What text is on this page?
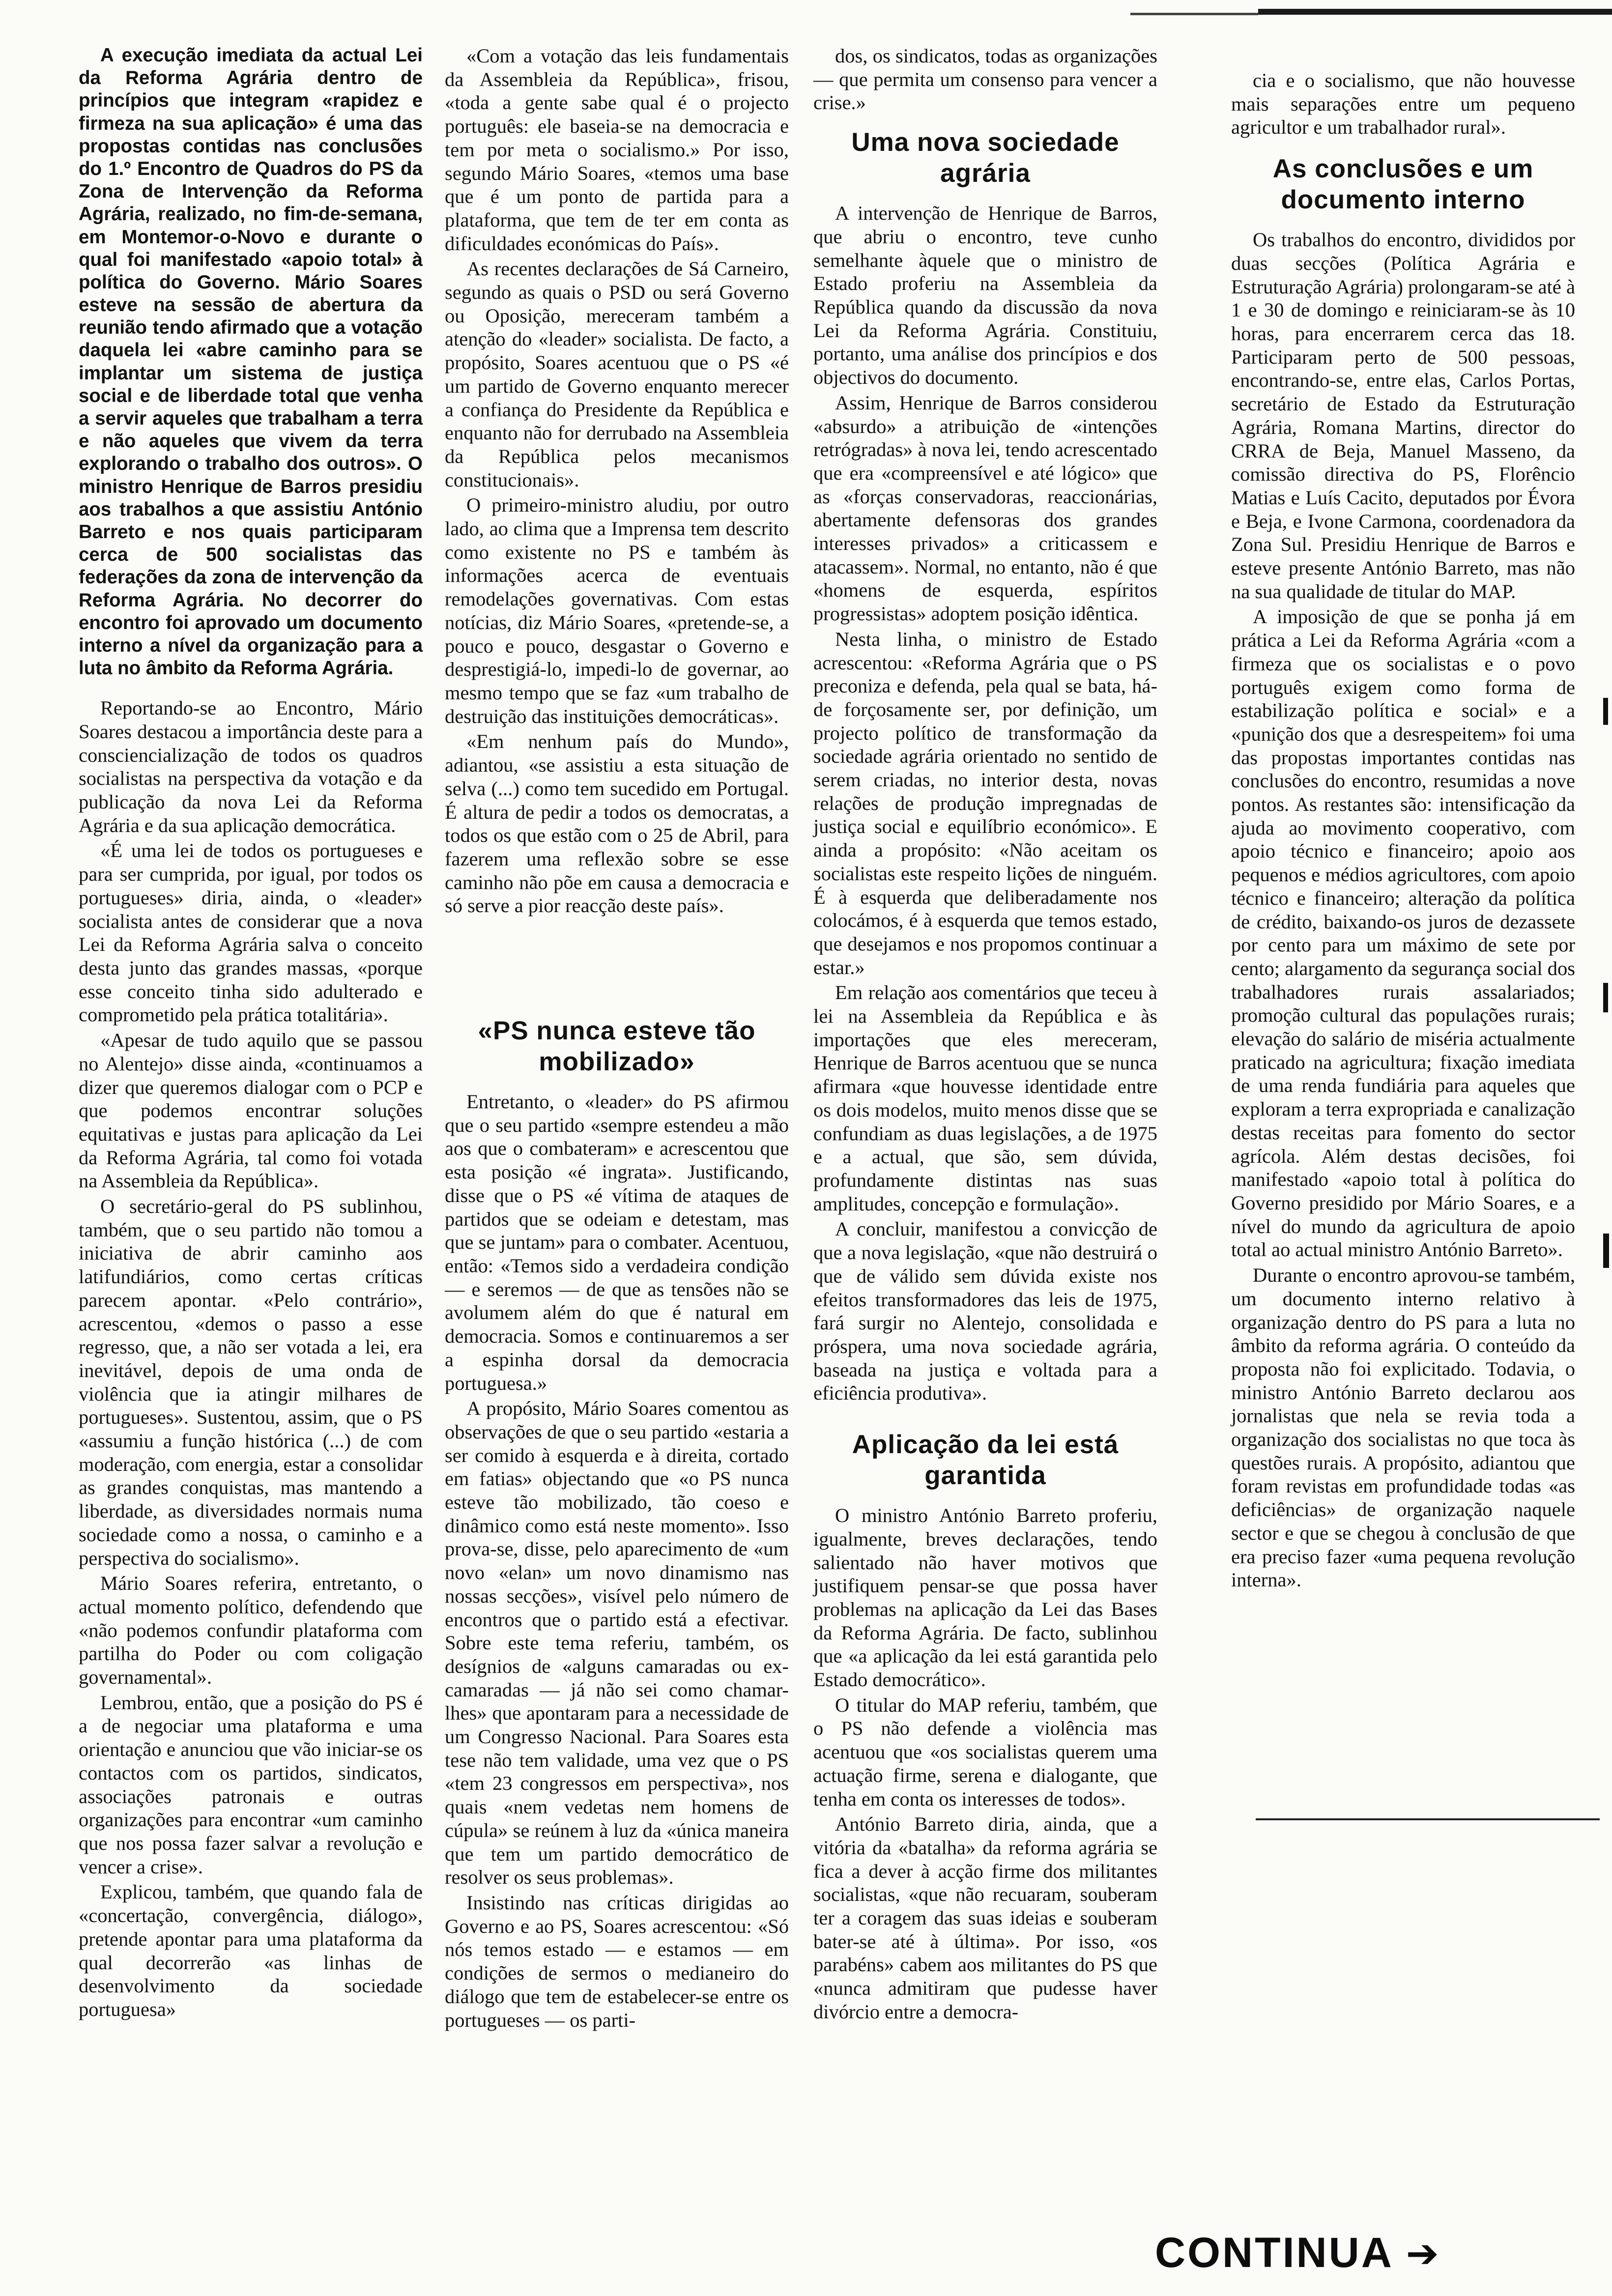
A execução imediata da actual Lei da Reforma Agrária dentro de princípios que integram «rapidez e firmeza na sua aplicação» é uma das propostas contidas nas conclusões do 1.º Encontro de Quadros do PS da Zona de Intervenção da Reforma Agrária, realizado, no fim-de-semana, em Montemor-o-Novo e durante o qual foi manifestado «apoio total» à política do Governo. Mário Soares esteve na sessão de abertura da reunião tendo afirmado que a votação daquela lei «abre caminho para se implantar um sistema de justiça social e de liberdade total que venha a servir aqueles que trabalham a terra e não aqueles que vivem da terra explorando o trabalho dos outros». O ministro Henrique de Barros presidiu aos trabalhos a que assistiu António Barreto e nos quais participaram cerca de 500 socialistas das federações da zona de intervenção da Reforma Agrária. No decorrer do encontro foi aprovado um documento interno a nível da organização para a luta no âmbito da Reforma Agrária.

Reportando-se ao Encontro, Mário Soares destacou a importância deste para a consciencialização de todos os quadros socialistas na perspectiva da votação e da publicação da nova Lei da Reforma Agrária e da sua aplicação democrática.

«É uma lei de todos os portugueses e para ser cumprida, por igual, por todos os portugueses» diria, ainda, o «leader» socialista antes de considerar que a nova Lei da Reforma Agrária salva o conceito desta junto das grandes massas, «porque esse conceito tinha sido adulterado e comprometido pela prática totalitária».

«Apesar de tudo aquilo que se passou no Alentejo» disse ainda, «continuamos a dizer que queremos dialogar com o PCP e que podemos encontrar soluções equitativas e justas para aplicação da Lei da Reforma Agrária, tal como foi votada na Assembleia da República».

O secretário-geral do PS sublinhou, também, que o seu partido não tomou a iniciativa de abrir caminho aos latifundiários, como certas críticas parecem apontar. «Pelo contrário», acrescentou, «demos o passo a esse regresso, que, a não ser votada a lei, era inevitável, depois de uma onda de violência que ia atingir milhares de portugueses». Sustentou, assim, que o PS «assumiu a função histórica (...) de com moderação, com energia, estar a consolidar as grandes conquistas, mas mantendo a liberdade, as diversidades normais numa sociedade como a nossa, o caminho e a perspectiva do socialismo».

Mário Soares referira, entretanto, o actual momento político, defendendo que «não podemos confundir plataforma com partilha do Poder ou com coligação governamental».

Lembrou, então, que a posição do PS é a de negociar uma plataforma e uma orientação e anunciou que vão iniciar-se os contactos com os partidos, sindicatos, associações patronais e outras organizações para encontrar «um caminho que nos possa fazer salvar a revolução e vencer a crise».

Explicou, também, que quando fala de «concertação, convergência, diálogo», pretende apontar para uma plataforma da qual decorrerão «as linhas de desenvolvimento da sociedade portuguesa»

«Com a votação das leis fundamentais da Assembleia da República», frisou, «toda a gente sabe qual é o projecto português: ele baseia-se na democracia e tem por meta o socialismo.» Por isso, segundo Mário Soares, «temos uma base que é um ponto de partida para a plataforma, que tem de ter em conta as dificuldades económicas do País».

As recentes declarações de Sá Carneiro, segundo as quais o PSD ou será Governo ou Oposição, mereceram também a atenção do «leader» socialista. De facto, a propósito, Soares acentuou que o PS «é um partido de Governo enquanto merecer a confiança do Presidente da República e enquanto não for derrubado na Assembleia da República pelos mecanismos constitucionais».

O primeiro-ministro aludiu, por outro lado, ao clima que a Imprensa tem descrito como existente no PS e também às informações acerca de eventuais remodelações governativas. Com estas notícias, diz Mário Soares, «pretende-se, a pouco e pouco, desgastar o Governo e desprestigiá-lo, impedi-lo de governar, ao mesmo tempo que se faz «um trabalho de destruição das instituições democráticas».

«Em nenhum país do Mundo», adiantou, «se assistiu a esta situação de selva (...) como tem sucedido em Portugal. É altura de pedir a todos os democratas, a todos os que estão com o 25 de Abril, para fazerem uma reflexão sobre se esse caminho não põe em causa a democracia e só serve a pior reacção deste país».

«PS nunca esteve tão mobilizado»

Entretanto, o «leader» do PS afirmou que o seu partido «sempre estendeu a mão aos que o combateram» e acrescentou que esta posição «é ingrata». Justificando, disse que o PS «é vítima de ataques de partidos que se odeiam e detestam, mas que se juntam» para o combater. Acentuou, então: «Temos sido a verdadeira condição — e seremos — de que as tensões não se avolumem além do que é natural em democracia. Somos e continuaremos a ser a espinha dorsal da democracia portuguesa.»

A propósito, Mário Soares comentou as observações de que o seu partido «estaria a ser comido à esquerda e à direita, cortado em fatias» objectando que «o PS nunca esteve tão mobilizado, tão coeso e dinâmico como está neste momento». Isso prova-se, disse, pelo aparecimento de «um novo «elan» um novo dinamismo nas nossas secções», visível pelo número de encontros que o partido está a efectivar. Sobre este tema referiu, também, os desígnios de «alguns camaradas ou ex-camaradas — já não sei como chamar-lhes» que apontaram para a necessidade de um Congresso Nacional. Para Soares esta tese não tem validade, uma vez que o PS «tem 23 congressos em perspectiva», nos quais «nem vedetas nem homens de cúpula» se reúnem à luz da «única maneira que tem um partido democrático de resolver os seus problemas».

Insistindo nas críticas dirigidas ao Governo e ao PS, Soares acrescentou: «Só nós temos estado — e estamos — em condições de sermos o medianeiro do diálogo que tem de estabelecer-se entre os portugueses — os parti-

dos, os sindicatos, todas as organizações — que permita um consenso para vencer a crise.»

Uma nova sociedade agrária

A intervenção de Henrique de Barros, que abriu o encontro, teve cunho semelhante àquele que o ministro de Estado proferiu na Assembleia da República quando da discussão da nova Lei da Reforma Agrária. Constituiu, portanto, uma análise dos princípios e dos objectivos do documento.

Assim, Henrique de Barros considerou «absurdo» a atribuição de «intenções retrógradas» à nova lei, tendo acrescentado que era «compreensível e até lógico» que as «forças conservadoras, reaccionárias, abertamente defensoras dos grandes interesses privados» a criticassem e atacassem». Normal, no entanto, não é que «homens de esquerda, espíritos progressistas» adoptem posição idêntica.

Nesta linha, o ministro de Estado acrescentou: «Reforma Agrária que o PS preconiza e defenda, pela qual se bata, há-de forçosamente ser, por definição, um projecto político de transformação da sociedade agrária orientado no sentido de serem criadas, no interior desta, novas relações de produção impregnadas de justiça social e equilíbrio económico». E ainda a propósito: «Não aceitam os socialistas este respeito lições de ninguém. É à esquerda que deliberadamente nos colocámos, é à esquerda que temos estado, que desejamos e nos propomos continuar a estar.»

Em relação aos comentários que teceu à lei na Assembleia da República e às importações que eles mereceram, Henrique de Barros acentuou que se nunca afirmara «que houvesse identidade entre os dois modelos, muito menos disse que se confundiam as duas legislações, a de 1975 e a actual, que são, sem dúvida, profundamente distintas nas suas amplitudes, concepção e formulação».

A concluir, manifestou a convicção de que a nova legislação, «que não destruirá o que de válido sem dúvida existe nos efeitos transformadores das leis de 1975, fará surgir no Alentejo, consolidada e próspera, uma nova sociedade agrária, baseada na justiça e voltada para a eficiência produtiva».

Aplicação da lei está garantida

O ministro António Barreto proferiu, igualmente, breves declarações, tendo salientado não haver motivos que justifiquem pensar-se que possa haver problemas na aplicação da Lei das Bases da Reforma Agrária. De facto, sublinhou que «a aplicação da lei está garantida pelo Estado democrático».

O titular do MAP referiu, também, que o PS não defende a violência mas acentuou que «os socialistas querem uma actuação firme, serena e dialogante, que tenha em conta os interesses de todos».

António Barreto diria, ainda, que a vitória da «batalha» da reforma agrária se fica a dever à acção firme dos militantes socialistas, «que não recuaram, souberam ter a coragem das suas ideias e souberam bater-se até à última». Por isso, «os parabéns» cabem aos militantes do PS que «nunca admitiram que pudesse haver divórcio entre a democra-

cia e o socialismo, que não houvesse mais separações entre um pequeno agricultor e um trabalhador rural».

As conclusões e um documento interno

Os trabalhos do encontro, divididos por duas secções (Política Agrária e Estruturação Agrária) prolongaram-se até à 1 e 30 de domingo e reiniciaram-se às 10 horas, para encerrarem cerca das 18. Participaram perto de 500 pessoas, encontrando-se, entre elas, Carlos Portas, secretário de Estado da Estruturação Agrária, Romana Martins, director do CRRA de Beja, Manuel Masseno, da comissão directiva do PS, Florêncio Matias e Luís Cacito, deputados por Évora e Beja, e Ivone Carmona, coordenadora da Zona Sul. Presidiu Henrique de Barros e esteve presente António Barreto, mas não na sua qualidade de titular do MAP.

A imposição de que se ponha já em prática a Lei da Reforma Agrária «com a firmeza que os socialistas e o povo português exigem como forma de estabilização política e social» e a «punição dos que a desrespeitem» foi uma das propostas importantes contidas nas conclusões do encontro, resumidas a nove pontos. As restantes são: intensificação da ajuda ao movimento cooperativo, com apoio técnico e financeiro; apoio aos pequenos e médios agricultores, com apoio técnico e financeiro; alteração da política de crédito, baixando-os juros de dezassete por cento para um máximo de sete por cento; alargamento da segurança social dos trabalhadores rurais assalariados; promoção cultural das populações rurais; elevação do salário de miséria actualmente praticado na agricultura; fixação imediata de uma renda fundiária para aqueles que exploram a terra expropriada e canalização destas receitas para fomento do sector agrícola. Além destas decisões, foi manifestado «apoio total à política do Governo presidido por Mário Soares, e a nível do mundo da agricultura de apoio total ao actual ministro António Barreto».

Durante o encontro aprovou-se também, um documento interno relativo à organização dentro do PS para a luta no âmbito da reforma agrária. O conteúdo da proposta não foi explicitado. Todavia, o ministro António Barreto declarou aos jornalistas que nela se revia toda a organização dos socialistas no que toca às questões rurais. A propósito, adiantou que foram revistas em profundidade todas «as deficiências» de organização naquele sector e que se chegou à conclusão de que era preciso fazer «uma pequena revolução interna».

CONTINUA ➔
